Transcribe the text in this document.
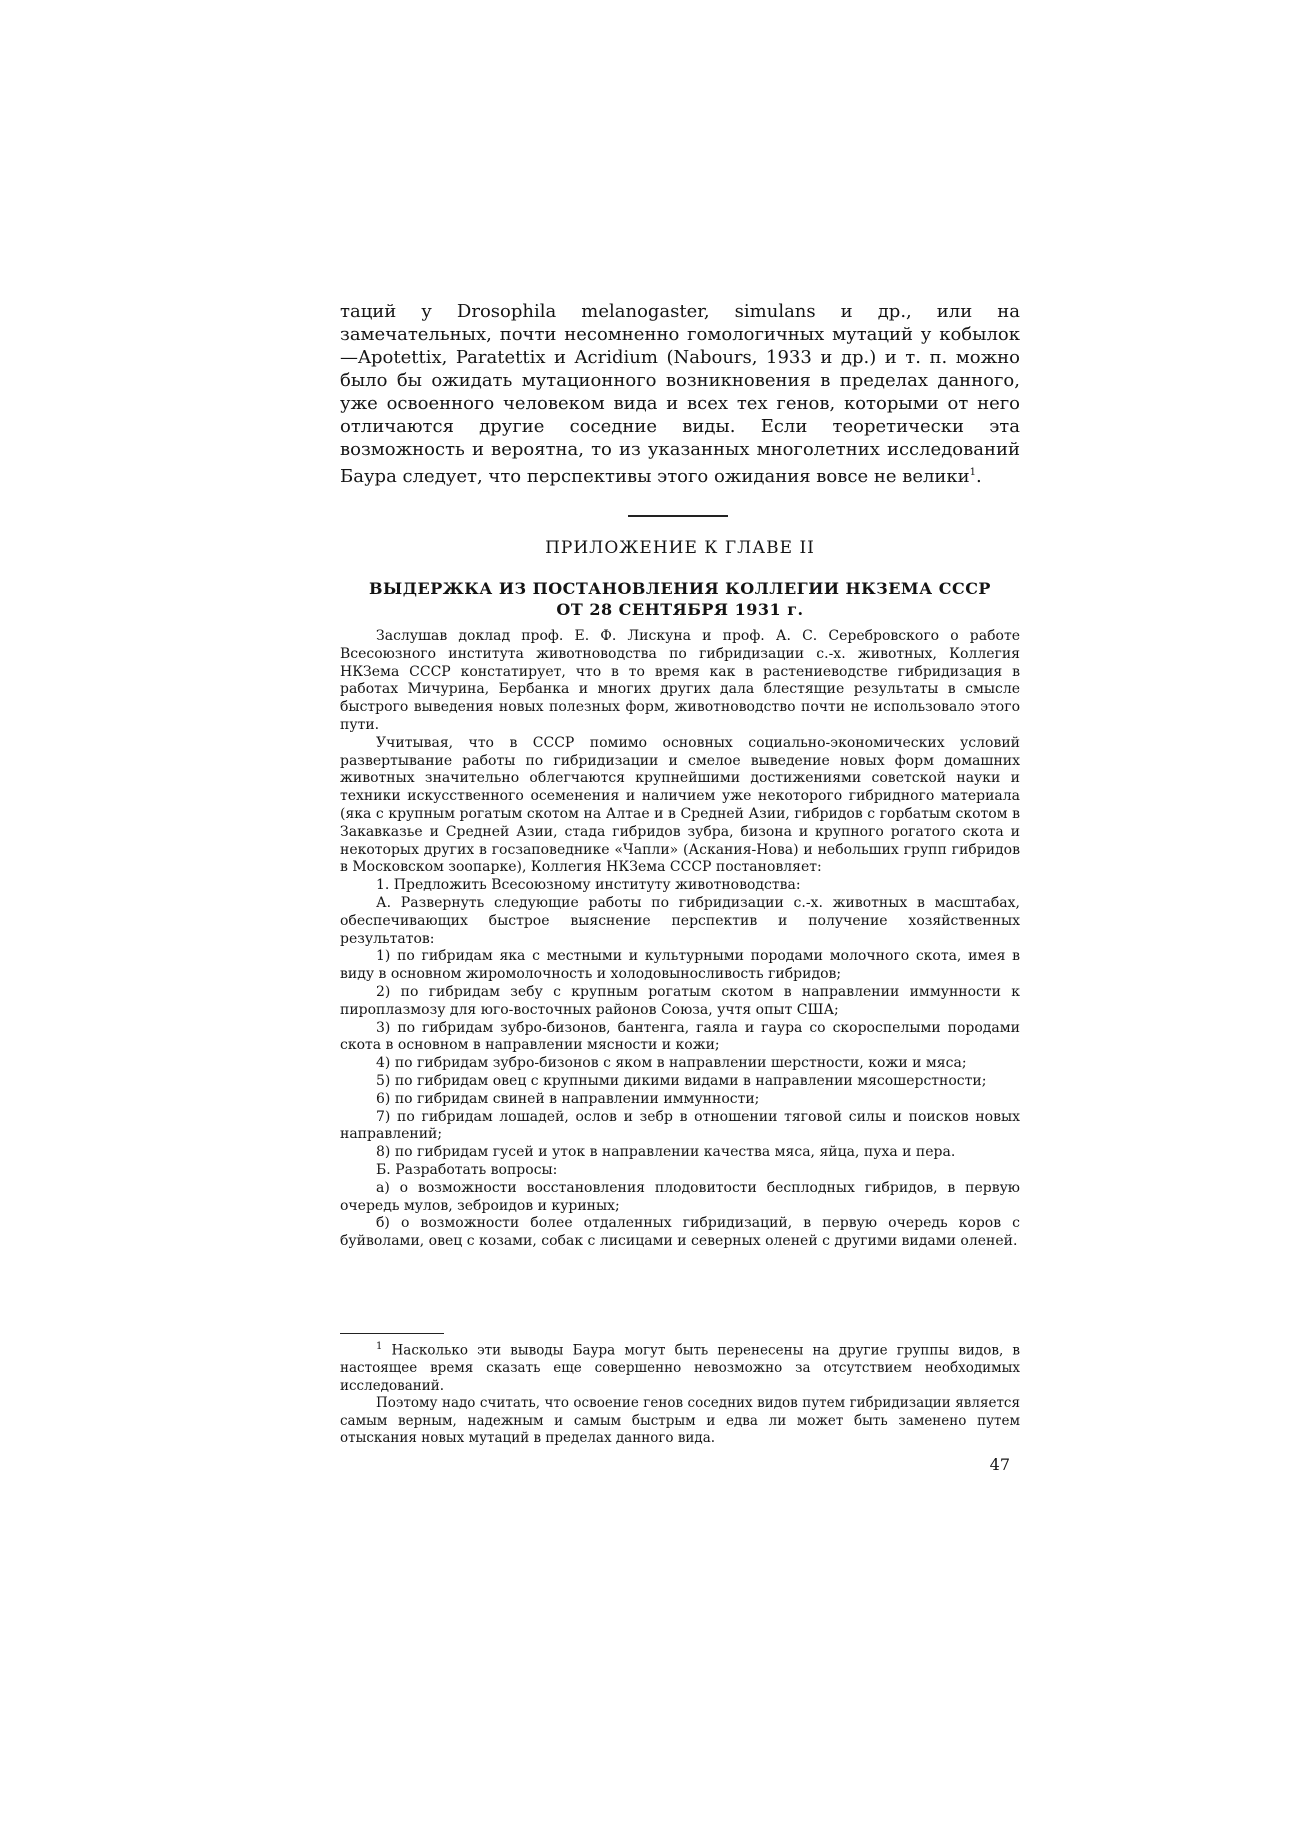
таций у Drosophila melanogaster, simulans и др., или на замечательных, почти несомненно гомологичных мутаций у кобылок—Apotettix, Paratettix и Acridium (Nabours, 1933 и др.) и т. п. можно было бы ожидать мутационного возникновения в пределах данного, уже освоенного человеком вида и всех тех генов, которыми от него отличаются другие соседние виды. Если теоретически эта возможность и вероятна, то из указанных многолетних исследований Баура следует, что перспективы этого ожидания вовсе не велики$^1$.
ПРИЛОЖЕНИЕ К ГЛАВЕ II
ВЫДЕРЖКА ИЗ ПОСТАНОВЛЕНИЯ КОЛЛЕГИИ НКЗЕМА СССР
ОТ 28 СЕНТЯБРЯ 1931 г.

Заслушав доклад проф. Е. Ф. Лискуна и проф. А. С. Серебровского о работе Всесоюзного института животноводства по гибридизации с.-х. животных, Коллегия НКЗема СССР констатирует, что в то время как в растениеводстве гибридизация в работах Мичурина, Бербанка и многих других дала блестящие результаты в смысле быстрого выведения новых полезных форм, животноводство почти не использовало этого пути.

Учитывая, что в СССР помимо основных социально-экономических условий развертывание работы по гибридизации и смелое выведение новых форм домашних животных значительно облегчаются крупнейшими достижениями советской науки и техники искусственного осеменения и наличием уже некоторого гибридного материала (яка с крупным рогатым скотом на Алтае и в Средней Азии, гибридов с горбатым скотом в Закавказье и Средней Азии, стада гибридов зубра, бизона и крупного рогатого скота и некоторых других в госзаповеднике «Чапли» (Аскания-Нова) и небольших групп гибридов в Московском зоопарке), Коллегия НКЗема СССР постановляет:

1. Предложить Всесоюзному институту животноводства:

А. Развернуть следующие работы по гибридизации с.-х. животных в масштабах, обеспечивающих быстрое выяснение перспектив и получение хозяйственных результатов:

1) по гибридам яка с местными и культурными породами молочного скота, имея в виду в основном жиромолочность и холодовыносливость гибридов;

2) по гибридам зебу с крупным рогатым скотом в направлении иммунности к пироплазмозу для юго-восточных районов Союза, учтя опыт США;

3) по гибридам зубро-бизонов, бантенга, гаяла и гаура со скороспелыми породами скота в основном в направлении мясности и кожи;

4) по гибридам зубро-бизонов с яком в направлении шерстности, кожи и мяса;

5) по гибридам овец с крупными дикими видами в направлении мясошерстности;

6) по гибридам свиней в направлении иммунности;

7) по гибридам лошадей, ослов и зебр в отношении тяговой силы и поисков новых направлений;

8) по гибридам гусей и уток в направлении качества мяса, яйца, пуха и пера.

Б. Разработать вопросы:

а) о возможности восстановления плодовитости бесплодных гибридов, в первую очередь мулов, зеброидов и куриных;

б) о возможности более отдаленных гибридизаций, в первую очередь коров с буйволами, овец с козами, собак с лисицами и северных оленей с другими видами оленей.

$^1$ Насколько эти выводы Баура могут быть перенесены на другие группы видов, в настоящее время сказать еще совершенно невозможно за отсутствием необходимых исследований.

Поэтому надо считать, что освоение генов соседних видов путем гибридизации является самым верным, надежным и самым быстрым и едва ли может быть заменено путем отыскания новых мутаций в пределах данного вида.

47
